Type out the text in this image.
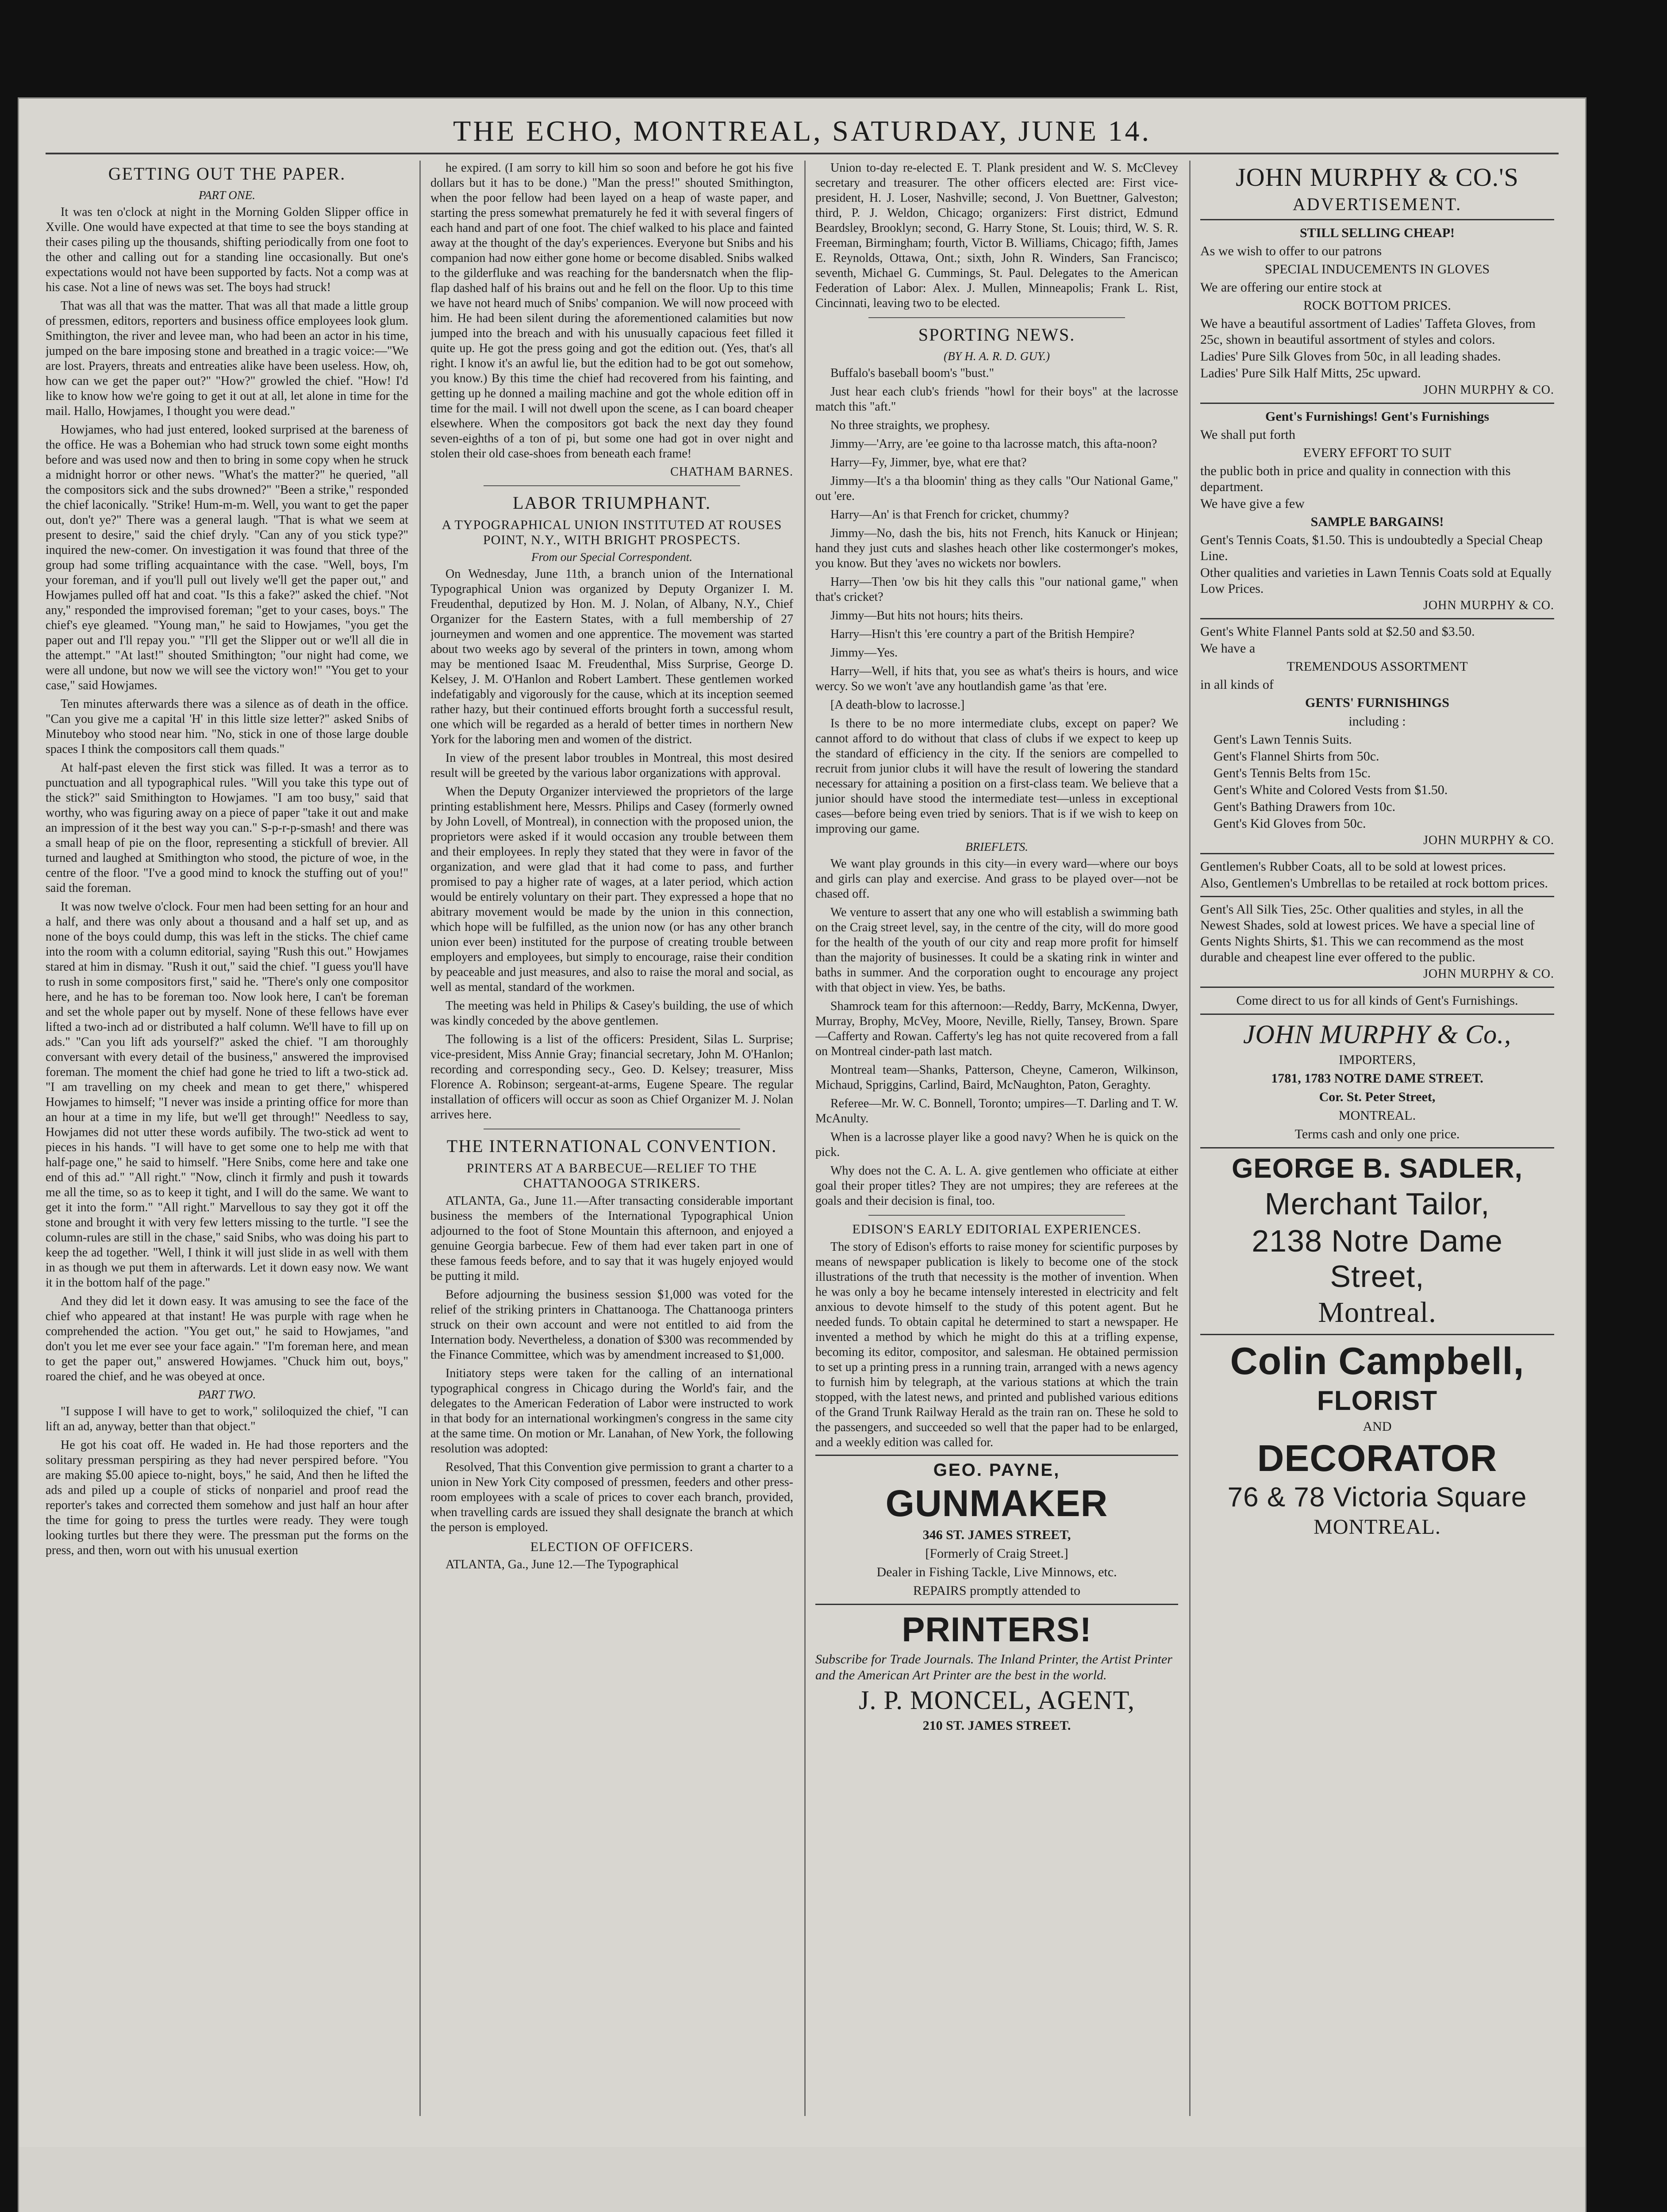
THE ECHO, MONTREAL, SATURDAY, JUNE 14.
GETTING OUT THE PAPER.
PART ONE.

It was ten o'clock at night in the Morning Golden Slipper office in Xville. One would have expected at that time to see the boys standing at their cases piling up the thousands, shifting periodically from one foot to the other and calling out for a standing line occasionally. But one's expectations would not have been supported by facts. Not a comp was at his case. Not a line of news was set. The boys had struck!

That was all that was the matter. That was all that made a little group of pressmen, editors, reporters and business office employees look glum. Smithington, the river and levee man, who had been an actor in his time, jumped on the bare imposing stone and breathed in a tragic voice:—"We are lost. Prayers, threats and entreaties alike have been useless. How, oh, how can we get the paper out?" "How?" growled the chief. "How! I'd like to know how we're going to get it out at all, let alone in time for the mail. Hallo, Howjames, I thought you were dead."

Howjames, who had just entered, looked surprised at the bareness of the office. He was a Bohemian who had struck town some eight months before and was used now and then to bring in some copy when he struck a midnight horror or other news. "What's the matter?" he queried, "all the compositors sick and the subs drowned?" "Been a strike," responded the chief laconically. "Strike! Hum-m-m. Well, you want to get the paper out, don't ye?" There was a general laugh. "That is what we seem at present to desire," said the chief dryly. "Can any of you stick type?" inquired the new-comer. On investigation it was found that three of the group had some trifling acquaintance with the case. "Well, boys, I'm your foreman, and if you'll pull out lively we'll get the paper out," and Howjames pulled off hat and coat. "Is this a fake?" asked the chief. "Not any," responded the improvised foreman; "get to your cases, boys." The chief's eye gleamed. "Young man," he said to Howjames, "you get the paper out and I'll repay you." "I'll get the Slipper out or we'll all die in the attempt." "At last!" shouted Smithington; "our night had come, we were all undone, but now we will see the victory won!" "You get to your case," said Howjames.

Ten minutes afterwards there was a silence as of death in the office. "Can you give me a capital 'H' in this little size letter?" asked Snibs of Minuteboy who stood near him. "No, stick in one of those large double spaces I think the compositors call them quads."

At half-past eleven the first stick was filled. It was a terror as to punctuation and all typographical rules. "Will you take this type out of the stick?" said Smithington to Howjames. "I am too busy," said that worthy, who was figuring away on a piece of paper "take it out and make an impression of it the best way you can." S-p-r-p-smash! and there was a small heap of pie on the floor, representing a stickfull of brevier. All turned and laughed at Smithington who stood, the picture of woe, in the centre of the floor. "I've a good mind to knock the stuffing out of you!" said the foreman.

It was now twelve o'clock. Four men had been setting for an hour and a half, and there was only about a thousand and a half set up, and as none of the boys could dump, this was left in the sticks. The chief came into the room with a column editorial, saying "Rush this out." Howjames stared at him in dismay. "Rush it out," said the chief. "I guess you'll have to rush in some compositors first," said he. "There's only one compositor here, and he has to be foreman too. Now look here, I can't be foreman and set the whole paper out by myself. None of these fellows have ever lifted a two-inch ad or distributed a half column. We'll have to fill up on ads." "Can you lift ads yourself?" asked the chief. "I am thoroughly conversant with every detail of the business," answered the improvised foreman. The moment the chief had gone he tried to lift a two-stick ad. "I am travelling on my cheek and mean to get there," whispered Howjames to himself; "I never was inside a printing office for more than an hour at a time in my life, but we'll get through!" Needless to say, Howjames did not utter these words aufibily. The two-stick ad went to pieces in his hands. "I will have to get some one to help me with that half-page one," he said to himself. "Here Snibs, come here and take one end of this ad." "All right." "Now, clinch it firmly and push it towards me all the time, so as to keep it tight, and I will do the same. We want to get it into the form." "All right." Marvellous to say they got it off the stone and brought it with very few letters missing to the turtle. "I see the column-rules are still in the chase," said Snibs, who was doing his part to keep the ad together. "Well, I think it will just slide in as well with them in as though we put them in afterwards. Let it down easy now. We want it in the bottom half of the page."

And they did let it down easy. It was amusing to see the face of the chief who appeared at that instant! He was purple with rage when he comprehended the action. "You get out," he said to Howjames, "and don't you let me ever see your face again." "I'm foreman here, and mean to get the paper out," answered Howjames. "Chuck him out, boys," roared the chief, and he was obeyed at once.

PART TWO.

"I suppose I will have to get to work," soliloquized the chief, "I can lift an ad, anyway, better than that object."

He got his coat off. He waded in. He had those reporters and the solitary pressman perspiring as they had never perspired before. "You are making $5.00 apiece to-night, boys," he said, And then he lifted the ads and piled up a couple of sticks of nonpariel and proof read the reporter's takes and corrected them somehow and just half an hour after the time for going to press the turtles were ready. They were tough looking turtles but there they were. The pressman put the forms on the press, and then, worn out with his unusual exertion

he expired. (I am sorry to kill him so soon and before he got his five dollars but it has to be done.) "Man the press!" shouted Smithington, when the poor fellow had been layed on a heap of waste paper, and starting the press somewhat prematurely he fed it with several fingers of each hand and part of one foot. The chief walked to his place and fainted away at the thought of the day's experiences. Everyone but Snibs and his companion had now either gone home or become disabled. Snibs walked to the gilderfluke and was reaching for the bandersnatch when the flip-flap dashed half of his brains out and he fell on the floor. Up to this time we have not heard much of Snibs' companion. We will now proceed with him. He had been silent during the aforementioned calamities but now jumped into the breach and with his unusually capacious feet filled it quite up. He got the press going and got the edition out. (Yes, that's all right. I know it's an awful lie, but the edition had to be got out somehow, you know.) By this time the chief had recovered from his fainting, and getting up he donned a mailing machine and got the whole edition off in time for the mail. I will not dwell upon the scene, as I can board cheaper elsewhere. When the compositors got back the next day they found seven-eighths of a ton of pi, but some one had got in over night and stolen their old case-shoes from beneath each frame!

CHATHAM BARNES.
LABOR TRIUMPHANT.
A TYPOGRAPHICAL UNION INSTITUTED AT ROUSES POINT, N.Y., WITH BRIGHT PROSPECTS.
From our Special Correspondent.

On Wednesday, June 11th, a branch union of the International Typographical Union was organized by Deputy Organizer I. M. Freudenthal, deputized by Hon. M. J. Nolan, of Albany, N.Y., Chief Organizer for the Eastern States, with a full membership of 27 journeymen and women and one apprentice. The movement was started about two weeks ago by several of the printers in town, among whom may be mentioned Isaac M. Freudenthal, Miss Surprise, George D. Kelsey, J. M. O'Hanlon and Robert Lambert. These gentlemen worked indefatigably and vigorously for the cause, which at its inception seemed rather hazy, but their continued efforts brought forth a successful result, one which will be regarded as a herald of better times in northern New York for the laboring men and women of the district.

In view of the present labor troubles in Montreal, this most desired result will be greeted by the various labor organizations with approval.

When the Deputy Organizer interviewed the proprietors of the large printing establishment here, Messrs. Philips and Casey (formerly owned by John Lovell, of Montreal), in connection with the proposed union, the proprietors were asked if it would occasion any trouble between them and their employees. In reply they stated that they were in favor of the organization, and were glad that it had come to pass, and further promised to pay a higher rate of wages, at a later period, which action would be entirely voluntary on their part. They expressed a hope that no abitrary movement would be made by the union in this connection, which hope will be fulfilled, as the union now (or has any other branch union ever been) instituted for the purpose of creating trouble between employers and employees, but simply to encourage, raise their condition by peaceable and just measures, and also to raise the moral and social, as well as mental, standard of the workmen.

The meeting was held in Philips & Casey's building, the use of which was kindly conceded by the above gentlemen.

The following is a list of the officers: President, Silas L. Surprise; vice-president, Miss Annie Gray; financial secretary, John M. O'Hanlon; recording and corresponding secy., Geo. D. Kelsey; treasurer, Miss Florence A. Robinson; sergeant-at-arms, Eugene Speare. The regular installation of officers will occur as soon as Chief Organizer M. J. Nolan arrives here.

THE INTERNATIONAL CONVENTION.
PRINTERS AT A BARBECUE—RELIEF TO THE CHATTANOOGA STRIKERS.

ATLANTA, Ga., June 11.—After transacting considerable important business the members of the International Typographical Union adjourned to the foot of Stone Mountain this afternoon, and enjoyed a genuine Georgia barbecue. Few of them had ever taken part in one of these famous feeds before, and to say that it was hugely enjoyed would be putting it mild.

Before adjourning the business session $1,000 was voted for the relief of the striking printers in Chattanooga. The Chattanooga printers struck on their own account and were not entitled to aid from the Internation body. Nevertheless, a donation of $300 was recommended by the Finance Committee, which was by amendment increased to $1,000.

Initiatory steps were taken for the calling of an international typographical congress in Chicago during the World's fair, and the delegates to the American Federation of Labor were instructed to work in that body for an international workingmen's congress in the same city at the same time. On motion or Mr. Lanahan, of New York, the following resolution was adopted:

Resolved, That this Convention give permission to grant a charter to a union in New York City composed of pressmen, feeders and other press-room employees with a scale of prices to cover each branch, provided, when travelling cards are issued they shall designate the branch at which the person is employed.

ELECTION OF OFFICERS.

ATLANTA, Ga., June 12.—The Typographical

Union to-day re-elected E. T. Plank president and W. S. McClevey secretary and treasurer. The other officers elected are: First vice-president, H. J. Loser, Nashville; second, J. Von Buettner, Galveston; third, P. J. Weldon, Chicago; organizers: First district, Edmund Beardsley, Brooklyn; second, G. Harry Stone, St. Louis; third, W. S. R. Freeman, Birmingham; fourth, Victor B. Williams, Chicago; fifth, James E. Reynolds, Ottawa, Ont.; sixth, John R. Winders, San Francisco; seventh, Michael G. Cummings, St. Paul. Delegates to the American Federation of Labor: Alex. J. Mullen, Minneapolis; Frank L. Rist, Cincinnati, leaving two to be elected.

SPORTING NEWS.
(BY H. A. R. D. GUY.)

Buffalo's baseball boom's "bust."

Just hear each club's friends "howl for their boys" at the lacrosse match this "aft."

No three straights, we prophesy.

Jimmy—'Arry, are 'ee goine to tha lacrosse match, this afta-noon?

Harry—Fy, Jimmer, bye, what ere that?

Jimmy—It's a tha bloomin' thing as they calls "Our National Game," out 'ere.

Harry—An' is that French for cricket, chummy?

Jimmy—No, dash the bis, hits not French, hits Kanuck or Hinjean; hand they just cuts and slashes heach other like costermonger's mokes, you know. But they 'aves no wickets nor bowlers.

Harry—Then 'ow bis hit they calls this "our national game," when that's cricket?

Jimmy—But hits not hours; hits theirs.

Harry—Hisn't this 'ere country a part of the British Hempire?

Jimmy—Yes.

Harry—Well, if hits that, you see as what's theirs is hours, and wice wercy. So we won't 'ave any houtlandish game 'as that 'ere.

[A death-blow to lacrosse.]

Is there to be no more intermediate clubs, except on paper? We cannot afford to do without that class of clubs if we expect to keep up the standard of efficiency in the city. If the seniors are compelled to recruit from junior clubs it will have the result of lowering the standard necessary for attaining a position on a first-class team. We believe that a junior should have stood the intermediate test—unless in exceptional cases—before being even tried by seniors. That is if we wish to keep on improving our game.

BRIEFLETS.

We want play grounds in this city—in every ward—where our boys and girls can play and exercise. And grass to be played over—not be chased off.

We venture to assert that any one who will establish a swimming bath on the Craig street level, say, in the centre of the city, will do more good for the health of the youth of our city and reap more profit for himself than the majority of businesses. It could be a skating rink in winter and baths in summer. And the corporation ought to encourage any project with that object in view. Yes, be baths.

Shamrock team for this afternoon:—Reddy, Barry, McKenna, Dwyer, Murray, Brophy, McVey, Moore, Neville, Rielly, Tansey, Brown. Spare—Cafferty and Rowan. Cafferty's leg has not quite recovered from a fall on Montreal cinder-path last match.

Montreal team—Shanks, Patterson, Cheyne, Cameron, Wilkinson, Michaud, Spriggins, Carlind, Baird, McNaughton, Paton, Geraghty.

Referee—Mr. W. C. Bonnell, Toronto; umpires—T. Darling and T. W. McAnulty.

When is a lacrosse player like a good navy? When he is quick on the pick.

Why does not the C. A. L. A. give gentlemen who officiate at either goal their proper titles? They are not umpires; they are referees at the goals and their decision is final, too.

EDISON'S EARLY EDITORIAL EXPERIENCES.

The story of Edison's efforts to raise money for scientific purposes by means of newspaper publication is likely to become one of the stock illustrations of the truth that necessity is the mother of invention. When he was only a boy he became intensely interested in electricity and felt anxious to devote himself to the study of this potent agent. But he needed funds. To obtain capital he determined to start a newspaper. He invented a method by which he might do this at a trifling expense, becoming its editor, compositor, and salesman. He obtained permission to set up a printing press in a running train, arranged with a news agency to furnish him by telegraph, at the various stations at which the train stopped, with the latest news, and printed and published various editions of the Grand Trunk Railway Herald as the train ran on. These he sold to the passengers, and succeeded so well that the paper had to be enlarged, and a weekly edition was called for.

GEO. PAYNE,
GUNMAKER
346 ST. JAMES STREET,
[Formerly of Craig Street.]
Dealer in Fishing Tackle, Live Minnows, etc.
REPAIRS promptly attended to
PRINTERS!
Subscribe for Trade Journals. The Inland Printer, the Artist Printer and the American Art Printer are the best in the world.
J. P. MONCEL, AGENT,
210 ST. JAMES STREET.
JOHN MURPHY & CO.'S
ADVERTISEMENT.
STILL SELLING CHEAP!
As we wish to offer to our patrons
SPECIAL INDUCEMENTS IN GLOVES
We are offering our entire stock at
ROCK BOTTOM PRICES.
We have a beautiful assortment of Ladies' Taffeta Gloves, from 25c, shown in beautiful assortment of styles and colors.
Ladies' Pure Silk Gloves from 50c, in all leading shades.
Ladies' Pure Silk Half Mitts, 25c upward.
JOHN MURPHY & CO.
Gent's Furnishings! Gent's Furnishings
We shall put forth
EVERY EFFORT TO SUIT
the public both in price and quality in connection with this department.
We have give a few
SAMPLE BARGAINS!
Gent's Tennis Coats, $1.50. This is undoubtedly a Special Cheap Line.
Other qualities and varieties in Lawn Tennis Coats sold at Equally Low Prices.
JOHN MURPHY & CO.
Gent's White Flannel Pants sold at $2.50 and $3.50.
We have a
TREMENDOUS ASSORTMENT
in all kinds of
GENTS' FURNISHINGS
including :
Gent's Lawn Tennis Suits.
Gent's Flannel Shirts from 50c.
Gent's Tennis Belts from 15c.
Gent's White and Colored Vests from $1.50.
Gent's Bathing Drawers from 10c.
Gent's Kid Gloves from 50c.
JOHN MURPHY & CO.
Gentlemen's Rubber Coats, all to be sold at lowest prices.
Also, Gentlemen's Umbrellas to be retailed at rock bottom prices.
Gent's All Silk Ties, 25c. Other qualities and styles, in all the Newest Shades, sold at lowest prices. We have a special line of Gents Nights Shirts, $1. This we can recommend as the most durable and cheapest line ever offered to the public.
JOHN MURPHY & CO.
Come direct to us for all kinds of Gent's Furnishings.
JOHN MURPHY & Co.,
IMPORTERS,
1781, 1783 NOTRE DAME STREET.
Cor. St. Peter Street,
MONTREAL.
Terms cash and only one price.
GEORGE B. SADLER,
Merchant Tailor,
2138 Notre Dame Street,
Montreal.
Colin Campbell,
FLORIST
AND
DECORATOR
76 & 78 Victoria Square
MONTREAL.
